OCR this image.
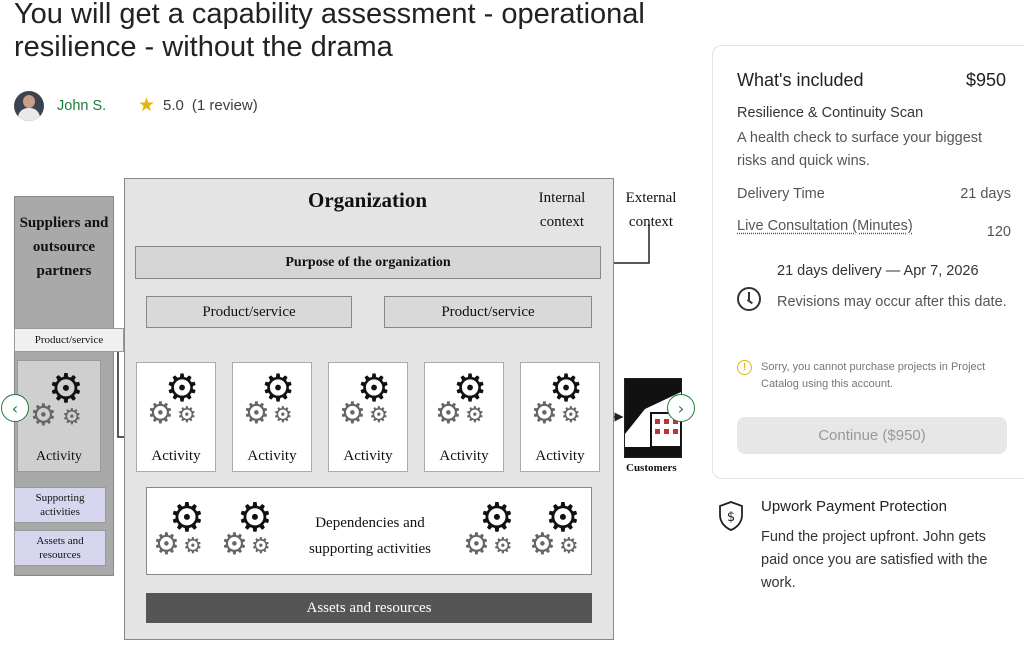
You will get a capability assessment - operational resilience - without the drama
John S. ★ 5.0 (1 review)
Suppliers and outsource partners
Product/service
⚙
⚙ ⚙
Activity
Supporting activities
Assets and resources
Organization	Internal context
External context
Purpose of the organization
Product/service	Product/service
⚙
⚙ ⚙
Activity
⚙
⚙ ⚙
Activity
⚙
⚙ ⚙
Activity
⚙
⚙ ⚙
Activity
⚙
⚙ ⚙
Activity
⚙
⚙ ⚙
⚙
⚙ ⚙
Dependencies and supporting activities
⚙
⚙ ⚙
⚙
⚙ ⚙
Assets and resources
Customers
‹	›
What's included	$950
Resilience & Continuity Scan
A health check to surface your biggest risks and quick wins.
Delivery Time	21 days
Live Consultation (Minutes)	120
21 days delivery — Apr 7, 2026
Revisions may occur after this date.
!	Sorry, you cannot purchase projects in Project Catalog using this account.
Continue ($950)
$
Upwork Payment Protection
Fund the project upfront. John gets paid once you are satisfied with the work.
